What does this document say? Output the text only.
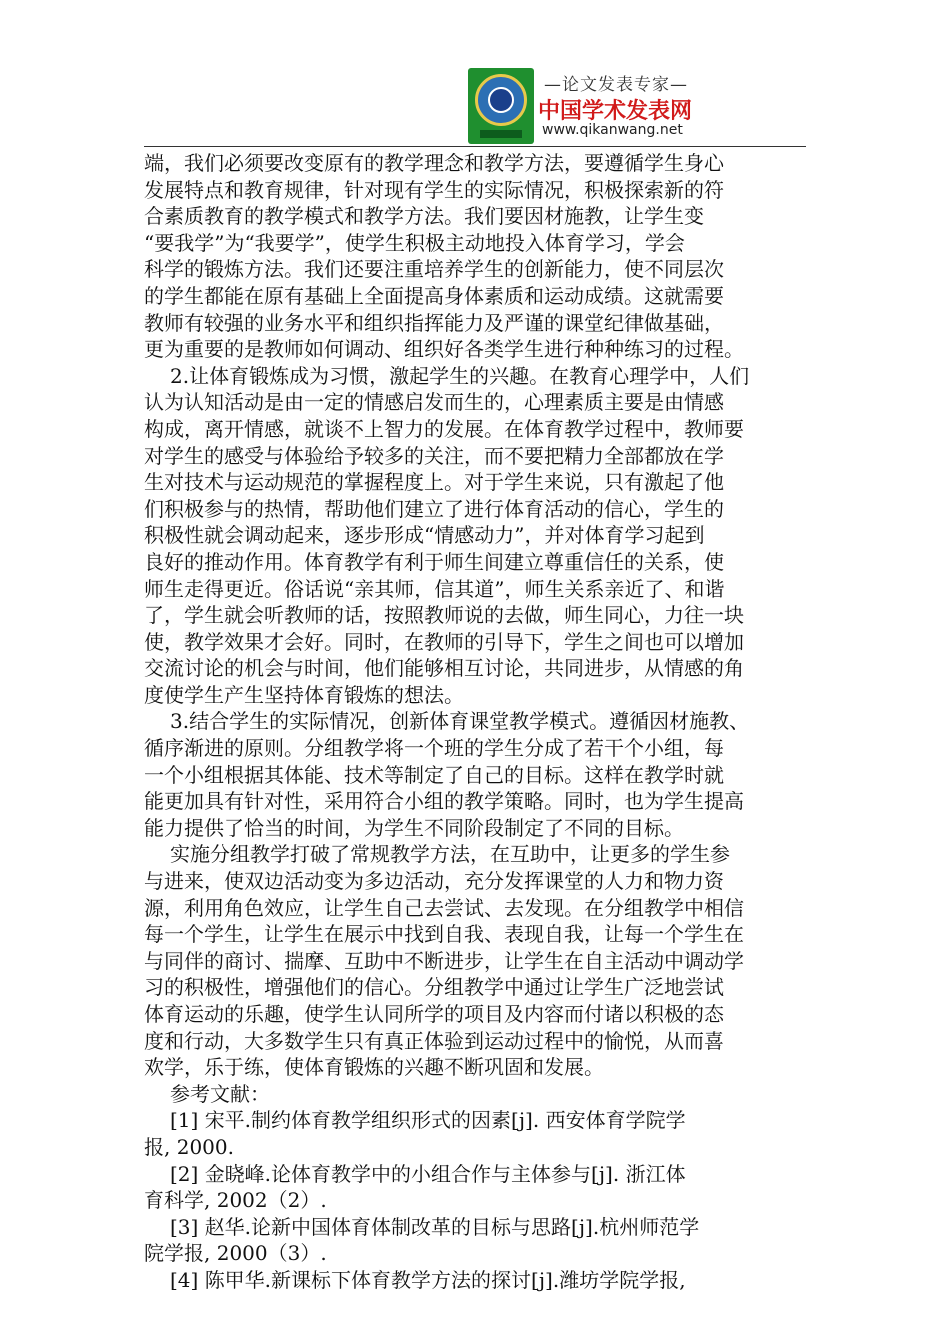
—论文发表专家—
中国学术发表网
www.qikanwang.net
端，我们必须要改变原有的教学理念和教学方法，要遵循学生身心
发展特点和教育规律，针对现有学生的实际情况，积极探索新的符
合素质教育的教学模式和教学方法。我们要因材施教，让学生变
“要我学”为“我要学”，使学生积极主动地投入体育学习，学会
科学的锻炼方法。我们还要注重培养学生的创新能力，使不同层次
的学生都能在原有基础上全面提高身体素质和运动成绩。这就需要
教师有较强的业务水平和组织指挥能力及严谨的课堂纪律做基础，
更为重要的是教师如何调动、组织好各类学生进行种种练习的过程。
2.让体育锻炼成为习惯，激起学生的兴趣。在教育心理学中，人们
认为认知活动是由一定的情感启发而生的，心理素质主要是由情感
构成，离开情感，就谈不上智力的发展。在体育教学过程中，教师要
对学生的感受与体验给予较多的关注，而不要把精力全部都放在学
生对技术与运动规范的掌握程度上。对于学生来说，只有激起了他
们积极参与的热情，帮助他们建立了进行体育活动的信心，学生的
积极性就会调动起来，逐步形成“情感动力”，并对体育学习起到
良好的推动作用。体育教学有利于师生间建立尊重信任的关系，使
师生走得更近。俗话说“亲其师，信其道”，师生关系亲近了、和谐
了，学生就会听教师的话，按照教师说的去做，师生同心，力往一块
使，教学效果才会好。同时，在教师的引导下，学生之间也可以增加
交流讨论的机会与时间，他们能够相互讨论，共同进步，从情感的角
度使学生产生坚持体育锻炼的想法。
3.结合学生的实际情况，创新体育课堂教学模式。遵循因材施教、
循序渐进的原则。分组教学将一个班的学生分成了若干个小组，每
一个小组根据其体能、技术等制定了自己的目标。这样在教学时就
能更加具有针对性，采用符合小组的教学策略。同时，也为学生提高
能力提供了恰当的时间，为学生不同阶段制定了不同的目标。
实施分组教学打破了常规教学方法，在互助中，让更多的学生参
与进来，使双边活动变为多边活动，充分发挥课堂的人力和物力资
源，利用角色效应，让学生自己去尝试、去发现。在分组教学中相信
每一个学生，让学生在展示中找到自我、表现自我，让每一个学生在
与同伴的商讨、揣摩、互助中不断进步，让学生在自主活动中调动学
习的积极性，增强他们的信心。分组教学中通过让学生广泛地尝试
体育运动的乐趣，使学生认同所学的项目及内容而付诸以积极的态
度和行动，大多数学生只有真正体验到运动过程中的愉悦，从而喜
欢学，乐于练，使体育锻炼的兴趣不断巩固和发展。
参考文献：
[1] 宋平.制约体育教学组织形式的因素[j]. 西安体育学院学
报, 2000.
[2] 金晓峰.论体育教学中的小组合作与主体参与[j]. 浙江体
育科学, 2002（2）.
[3] 赵华.论新中国体育体制改革的目标与思路[j].杭州师范学
院学报, 2000（3）.
[4] 陈甲华.新课标下体育教学方法的探讨[j].潍坊学院学报,
